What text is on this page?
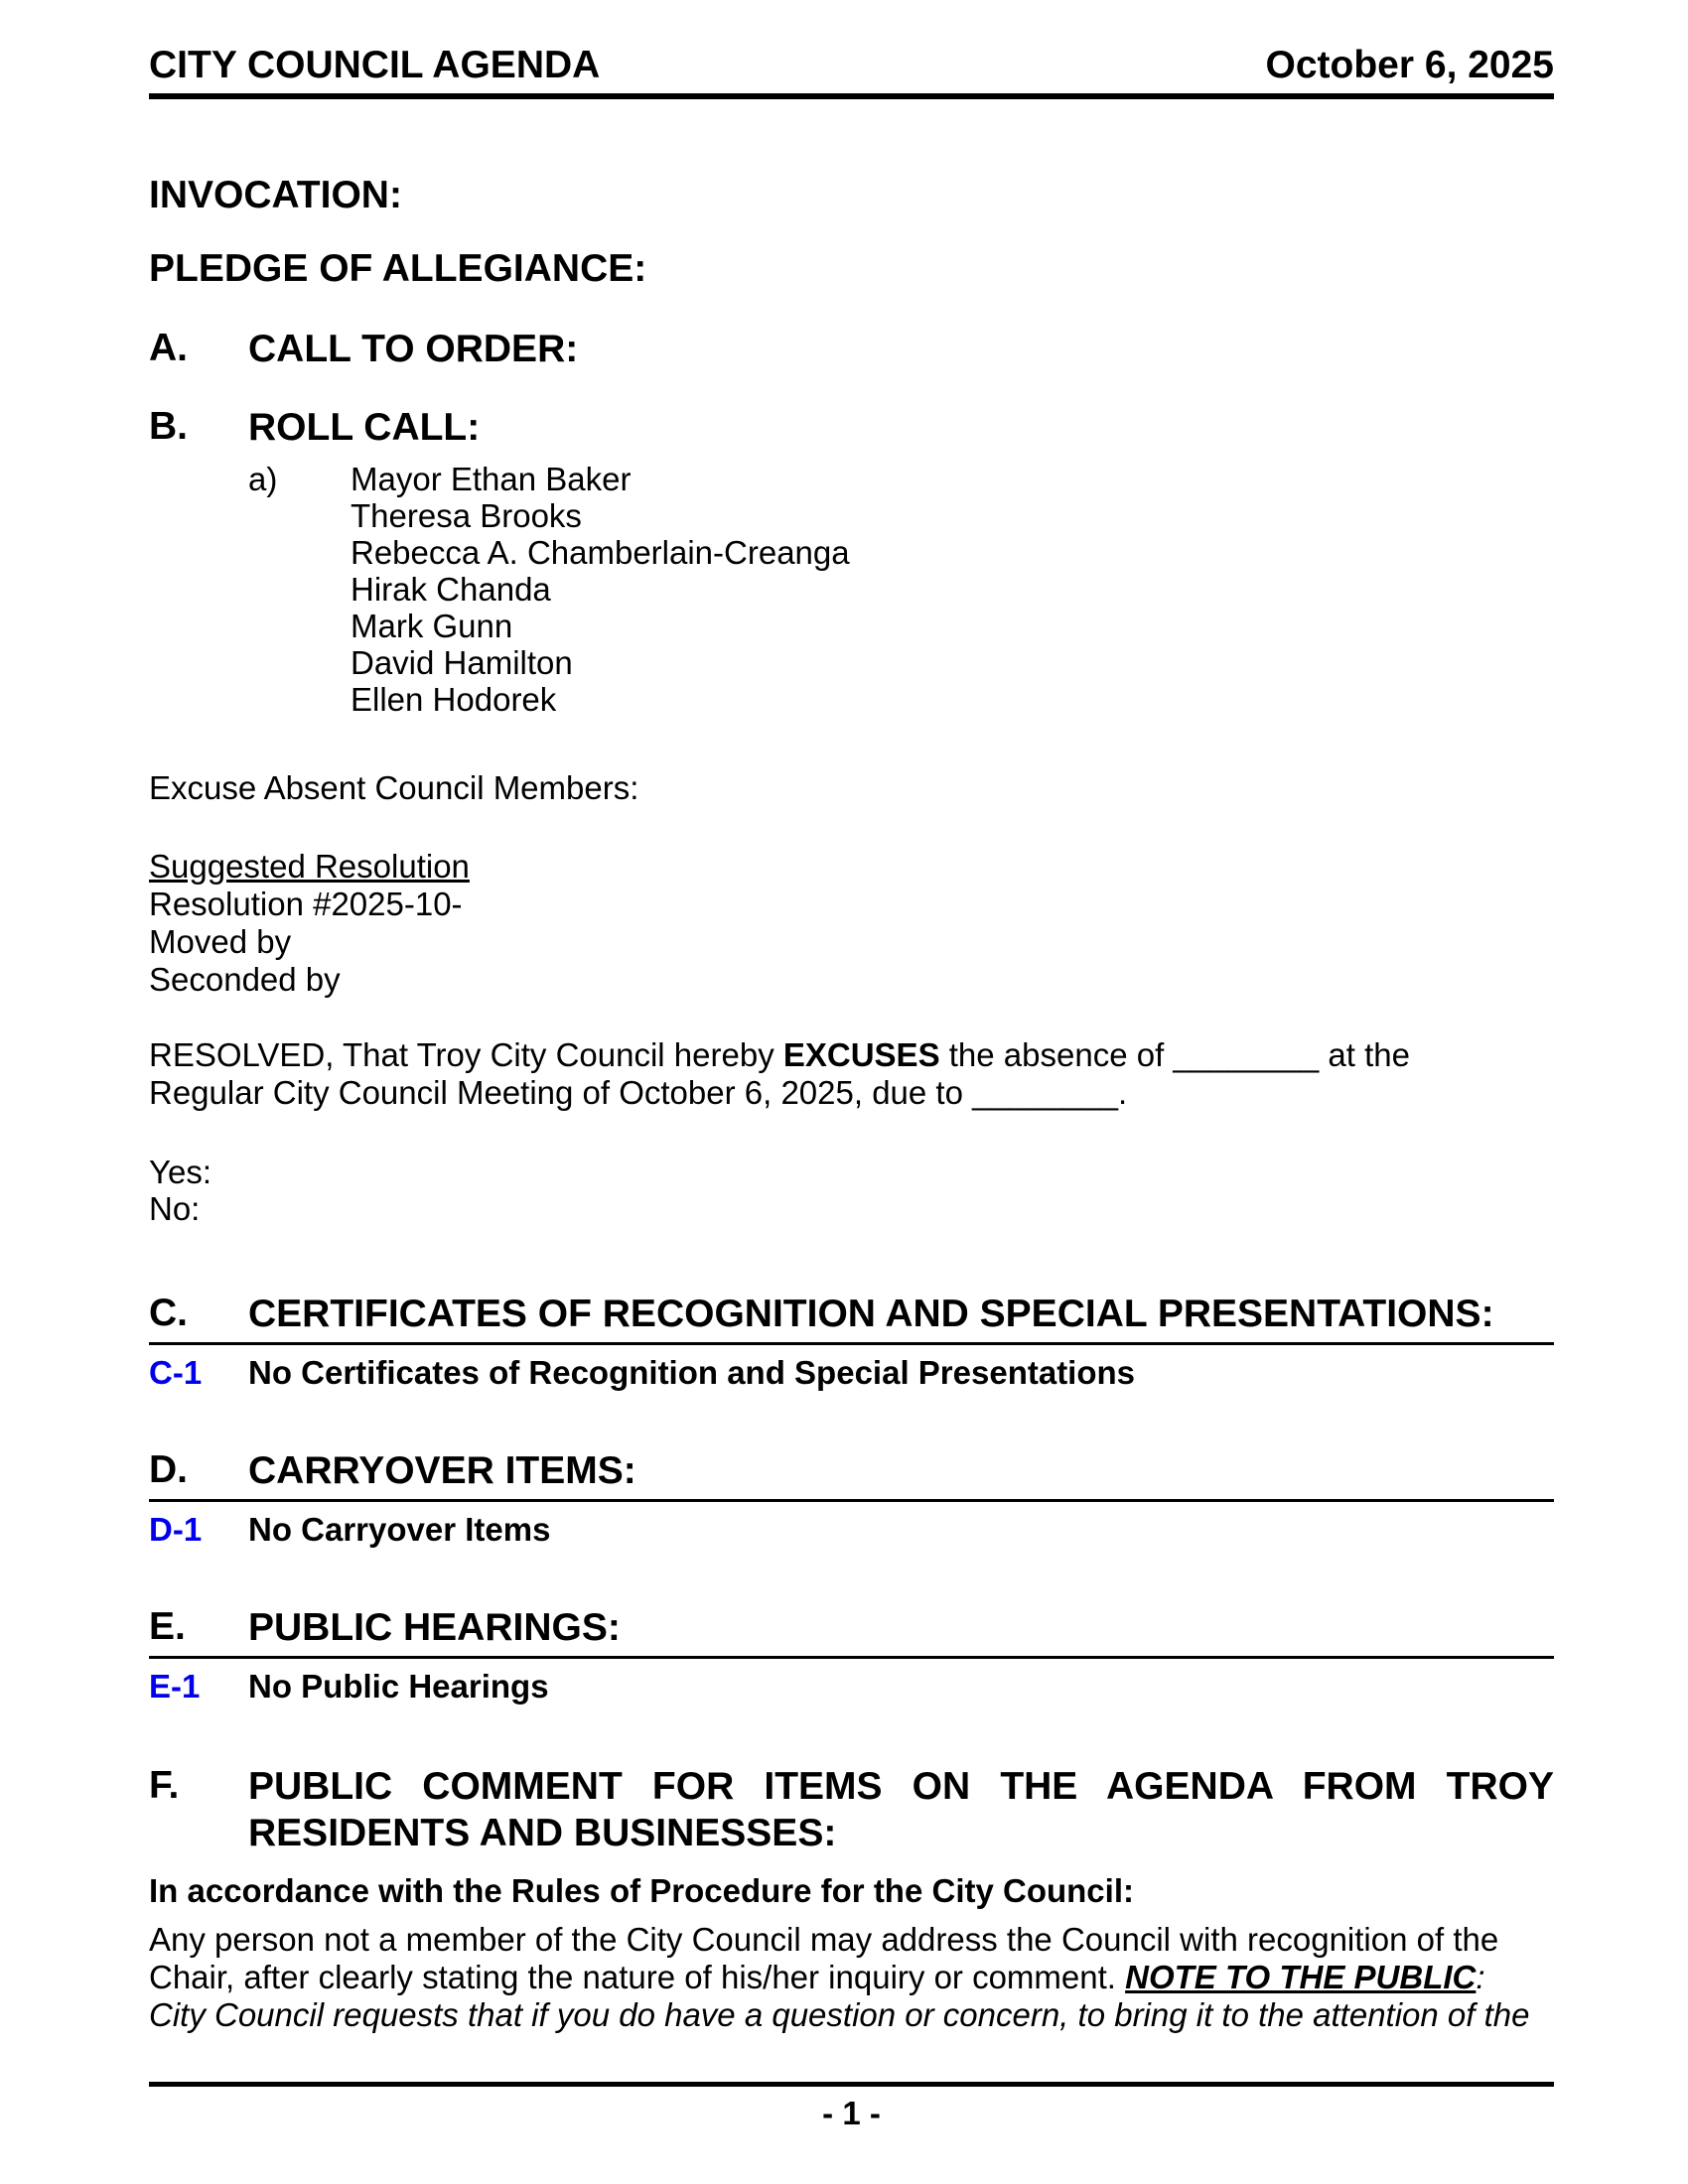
CITY COUNCIL AGENDA	October 6, 2025
INVOCATION:
PLEDGE OF ALLEGIANCE:
A.	CALL TO ORDER:
B.	ROLL CALL:
a)	Mayor Ethan Baker
Theresa Brooks
Rebecca A. Chamberlain-Creanga
Hirak Chanda
Mark Gunn
David Hamilton
Ellen Hodorek
Excuse Absent Council Members:
Suggested Resolution
Resolution #2025-10-
Moved by
Seconded by
RESOLVED, That Troy City Council hereby EXCUSES the absence of ________ at the
Regular City Council Meeting of October 6, 2025, due to ________.
Yes:
No:
C.	CERTIFICATES OF RECOGNITION AND SPECIAL PRESENTATIONS:
C-1	No Certificates of Recognition and Special Presentations
D.	CARRYOVER ITEMS:
D-1	No Carryover Items
E.	PUBLIC HEARINGS:
E-1	No Public Hearings
F.	PUBLIC COMMENT FOR ITEMS ON THE AGENDA FROM TROY RESIDENTS AND BUSINESSES:
In accordance with the Rules of Procedure for the City Council:
Any person not a member of the City Council may address the Council with recognition of the
Chair, after clearly stating the nature of his/her inquiry or comment. NOTE TO THE PUBLIC:
City Council requests that if you do have a question or concern, to bring it to the attention of the
- 1 -
